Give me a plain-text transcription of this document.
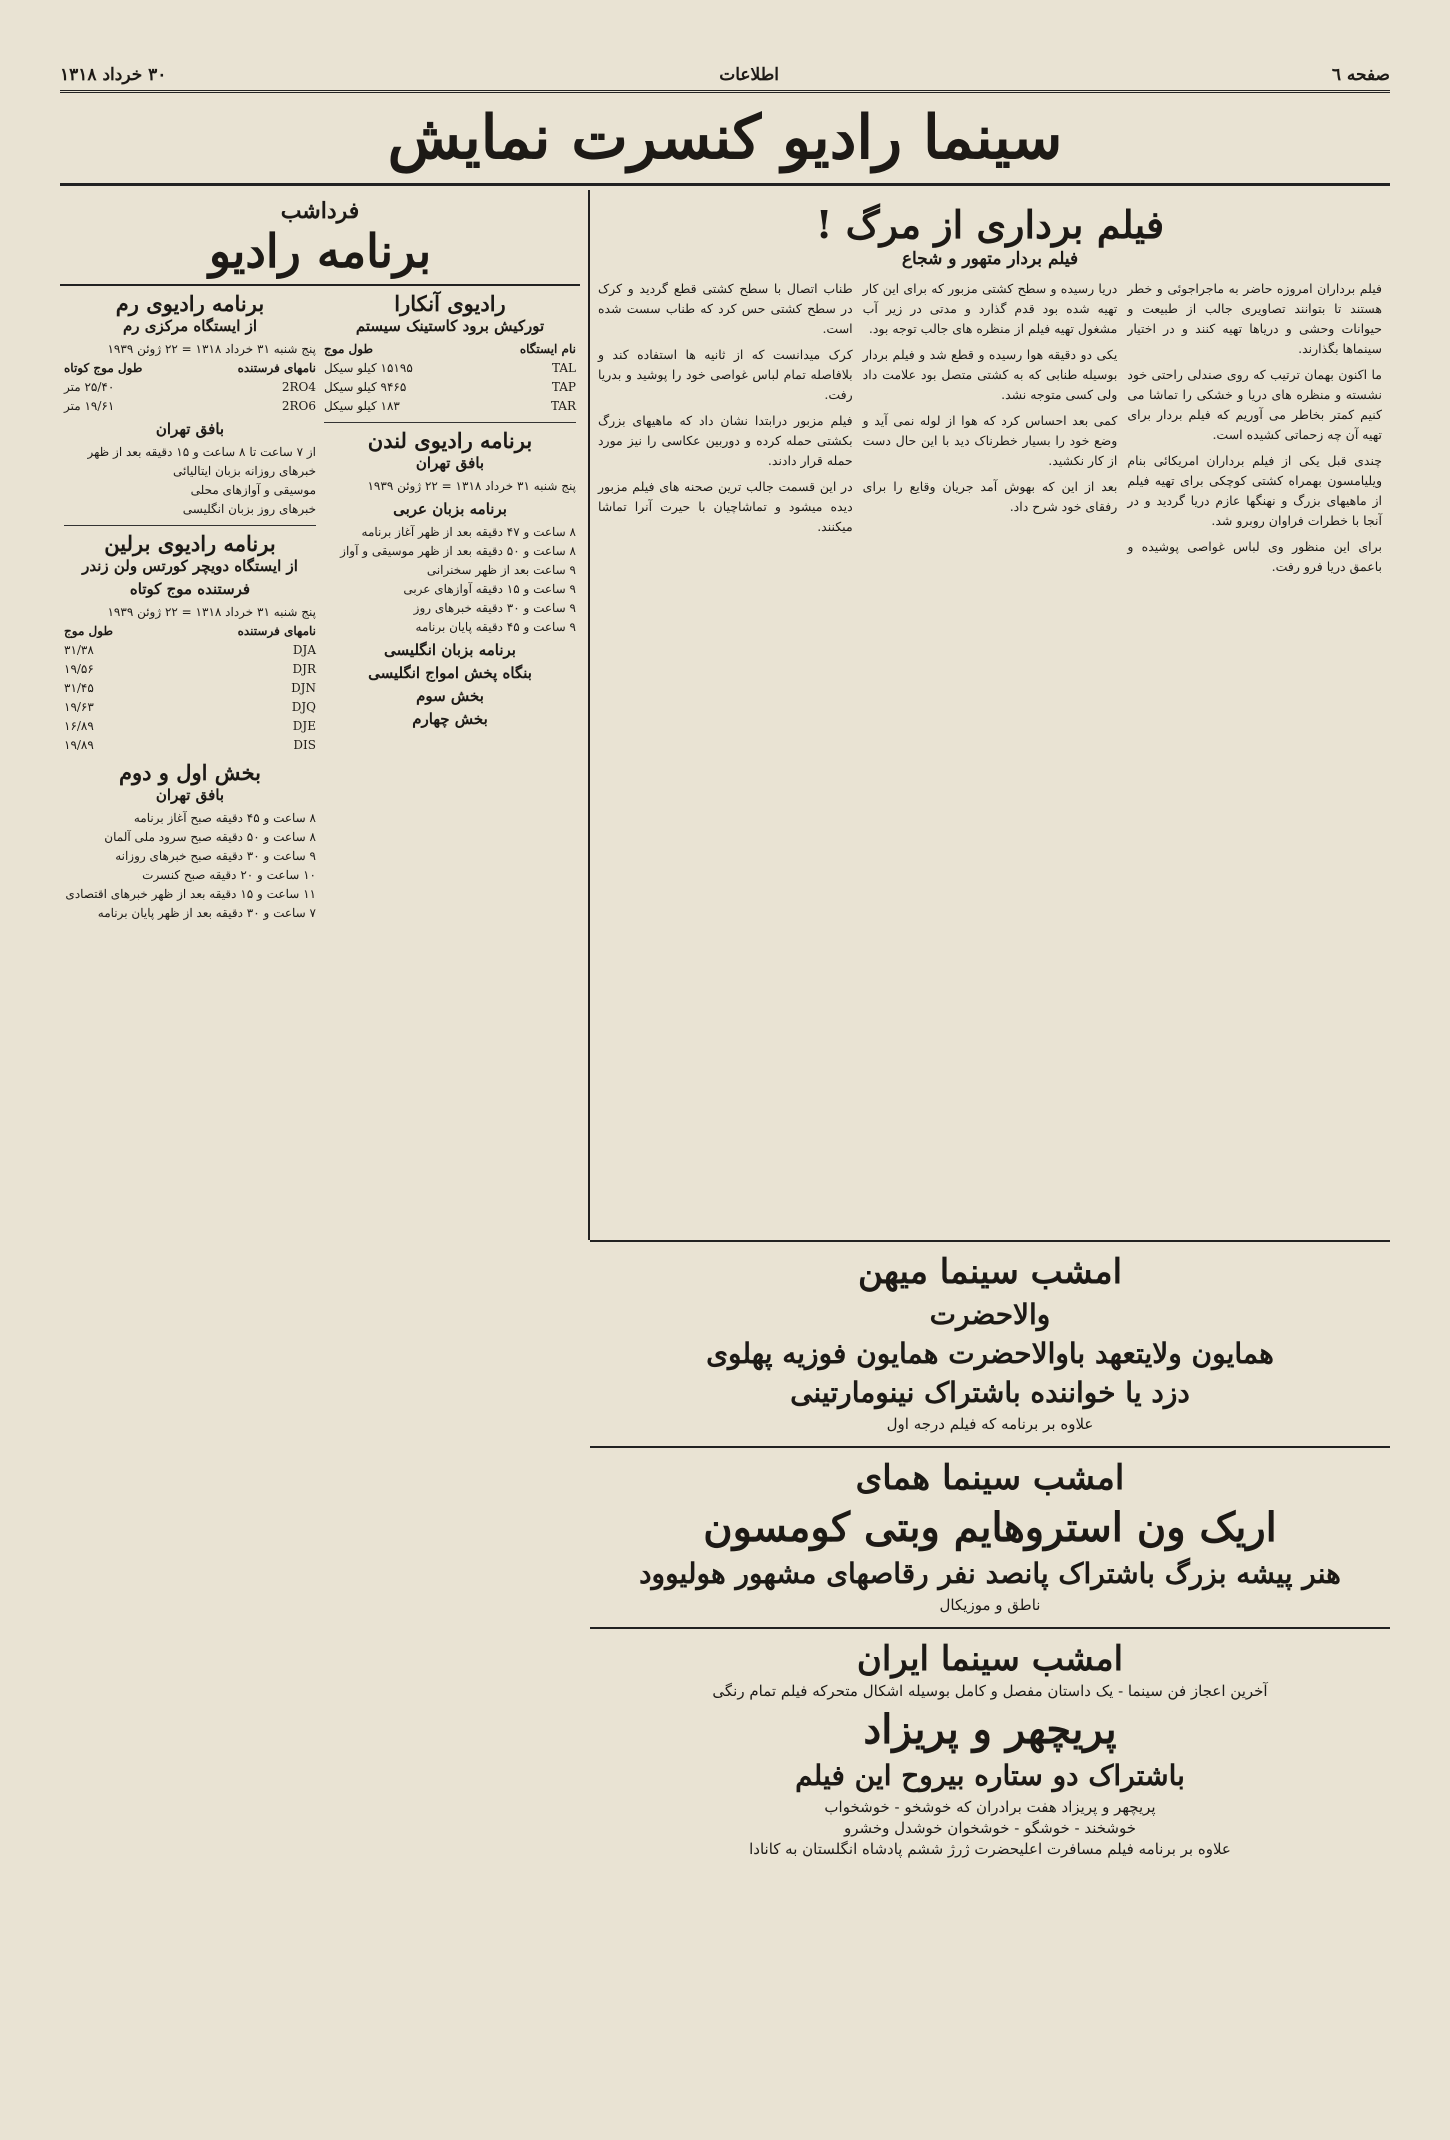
صفحه ٦
اطلاعات
۳۰ خرداد ۱۳۱۸
سینما رادیو کنسرت نمایش
فیلم برداری از مرگ !
فیلم بردار متهور و شجاع

فیلم برداران امروزه حاضر به ماجراجوئی و خطر هستند تا بتوانند تصاویری جالب از طبیعت و حیوانات وحشی و دریاها تهیه کنند و در اختیار سینماها بگذارند.

ما اکنون بهمان ترتیب که روی صندلی راحتی خود نشسته و منظره های دریا و خشکی را تماشا می کنیم کمتر بخاطر می آوریم که فیلم بردار برای تهیه آن چه زحماتی کشیده است.

چندی قبل یکی از فیلم برداران امریکائی بنام ویلیامسون بهمراه کشتی کوچکی برای تهیه فیلم از ماهیهای بزرگ و نهنگها عازم دریا گردید و در آنجا با خطرات فراوان روبرو شد.

برای این منظور وی لباس غواصی پوشیده و باعمق دریا فرو رفت.

دریا رسیده و سطح کشتی مزبور که برای این کار تهیه شده بود قدم گذارد و مدتی در زیر آب مشغول تهیه فیلم از منظره های جالب توجه بود.

یکی دو دقیقه هوا رسیده و قطع شد و فیلم بردار بوسیله طنابی که به کشتی متصل بود علامت داد ولی کسی متوجه نشد.

کمی بعد احساس کرد که هوا از لوله نمی آید و وضع خود را بسیار خطرناک دید با این حال دست از کار نکشید.

بعد از این که بهوش آمد جریان وقایع را برای رفقای خود شرح داد.

طناب اتصال با سطح کشتی قطع گردید و کرک در سطح کشتی حس کرد که طناب سست شده است.

کرک میدانست که از ثانیه ها استفاده کند و بلافاصله تمام لباس غواصی خود را پوشید و بدریا رفت.

فیلم مزبور درابتدا نشان داد که ماهیهای بزرگ بکشتی حمله کرده و دوربین عکاسی را نیز مورد حمله قرار دادند.

در این قسمت جالب ترین صحنه های فیلم مزبور دیده میشود و تماشاچیان با حیرت آنرا تماشا میکنند.

فرداشب
برنامه رادیو
رادیوی آنکارا
تورکیش برود کاستینک سیستم
نام ایستگاه
طول موج
TAL
۱۵۱۹۵ کیلو سیکل
TAP
۹۴۶۵ کیلو سیکل
TAR
۱۸۳ کیلو سیکل
برنامه رادیوی لندن
بافق تهران

پنج شنبه ۳۱ خرداد ۱۳۱۸ = ۲۲ ژوئن ۱۹۳۹

برنامه بزبان عربی

۸ ساعت و ۴۷ دقیقه بعد از ظهر آغاز برنامه

۸ ساعت و ۵۰ دقیقه بعد از ظهر موسیقی و آواز

۹ ساعت بعد از ظهر سخنرانی

۹ ساعت و ۱۵ دقیقه آوازهای عربی

۹ ساعت و ۳۰ دقیقه خبرهای روز

۹ ساعت و ۴۵ دقیقه پایان برنامه

برنامه بزبان انگلیسی
بنگاه پخش امواج انگلیسی
بخش سوم
بخش چهارم
برنامه رادیوی رم
از ایستگاه مرکزی رم

پنج شنبه ۳۱ خرداد ۱۳۱۸ = ۲۲ ژوئن ۱۹۳۹

نامهای فرستنده
طول موج کوتاه
2RO4
۲۵/۴۰ متر
2RO6
۱۹/۶۱ متر
بافق تهران

از ۷ ساعت تا ۸ ساعت و ۱۵ دقیقه بعد از ظهر

خبرهای روزانه بزبان ایتالیائی

موسیقی و آوازهای محلی

خبرهای روز بزبان انگلیسی

برنامه رادیوی برلین
از ایستگاه دویچر کورتس ولن زندر
فرستنده موج کوتاه

پنج شنبه ۳۱ خرداد ۱۳۱۸ = ۲۲ ژوئن ۱۹۳۹

نامهای فرستنده
طول موج
DJA
۳۱/۳۸
DJR
۱۹/۵۶
DJN
۳۱/۴۵
DJQ
۱۹/۶۳
DJE
۱۶/۸۹
DIS
۱۹/۸۹
بخش اول و دوم
بافق تهران

۸ ساعت و ۴۵ دقیقه صبح آغاز برنامه

۸ ساعت و ۵۰ دقیقه صبح سرود ملی آلمان

۹ ساعت و ۳۰ دقیقه صبح خبرهای روزانه

۱۰ ساعت و ۲۰ دقیقه صبح کنسرت

۱۱ ساعت و ۱۵ دقیقه بعد از ظهر خبرهای اقتصادی

۷ ساعت و ۳۰ دقیقه بعد از ظهر پایان برنامه

امشب سینما میهن
والاحضرت
همایون ولایتعهد باوالاحضرت همایون فوزیه پهلوی
دزد یا خواننده باشتراک نینومارتینی
علاوه بر برنامه که فیلم درجه اول
امشب سینما همای
اریک ون استروهایم وبتی کومسون
هنر پیشه بزرگ باشتراک پانصد نفر رقاصهای مشهور هولیوود
ناطق و موزیکال
امشب سینما ایران
آخرین اعجاز فن سینما - یک داستان مفصل و کامل بوسیله اشکال متحرکه فیلم تمام رنگی
پریچهر و پریزاد
باشتراک دو ستاره بیروح این فیلم
پریچهر و پریزاد هفت برادران که خوشخو - خوشخواب
خوشخند - خوشگو - خوشخوان خوشدل وخشرو
علاوه بر برنامه فیلم مسافرت اعلیحضرت ژرژ ششم پادشاه انگلستان به کانادا
